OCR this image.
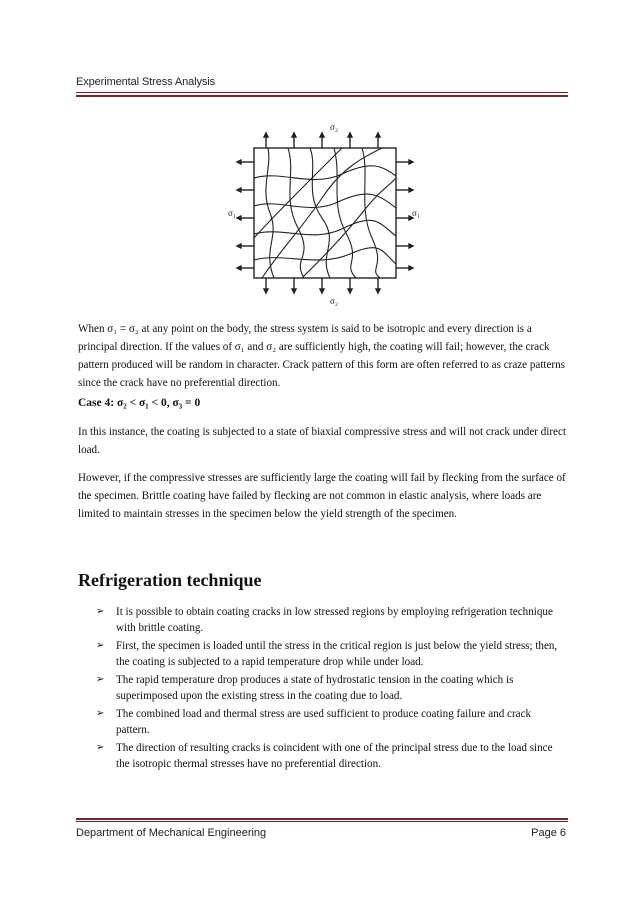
Experimental Stress Analysis
σ₂
σ₁	σ₁
σ₂

When σ₁ = σ₂ at any point on the body, the stress system is said to be isotropic and every direction is a principal direction. If the values of σ₁ and σ₂ are sufficiently high, the coating will fail; however, the crack pattern produced will be random in character. Crack pattern of this form are often referred to as craze patterns since the crack have no preferential direction.

Case 4: σ₂ < σ₁ < 0, σ₃ = 0

In this instance, the coating is subjected to a state of biaxial compressive stress and will not crack under direct load.

However, if the compressive stresses are sufficiently large the coating will fail by flecking from the surface of the specimen. Brittle coating have failed by flecking are not common in elastic analysis, where loads are limited to maintain stresses in the specimen below the yield strength of the specimen.

Refrigeration technique
➢ It is possible to obtain coating cracks in low stressed regions by employing refrigeration technique with brittle coating.
➢ First, the specimen is loaded until the stress in the critical region is just below the yield stress; then, the coating is subjected to a rapid temperature drop while under load.
➢ The rapid temperature drop produces a state of hydrostatic tension in the coating which is superimposed upon the existing stress in the coating due to load.
➢ The combined load and thermal stress are used sufficient to produce coating failure and crack pattern.
➢ The direction of resulting cracks is coincident with one of the principal stress due to the load since the isotropic thermal stresses have no preferential direction.
Department of Mechanical Engineering	Page 6
